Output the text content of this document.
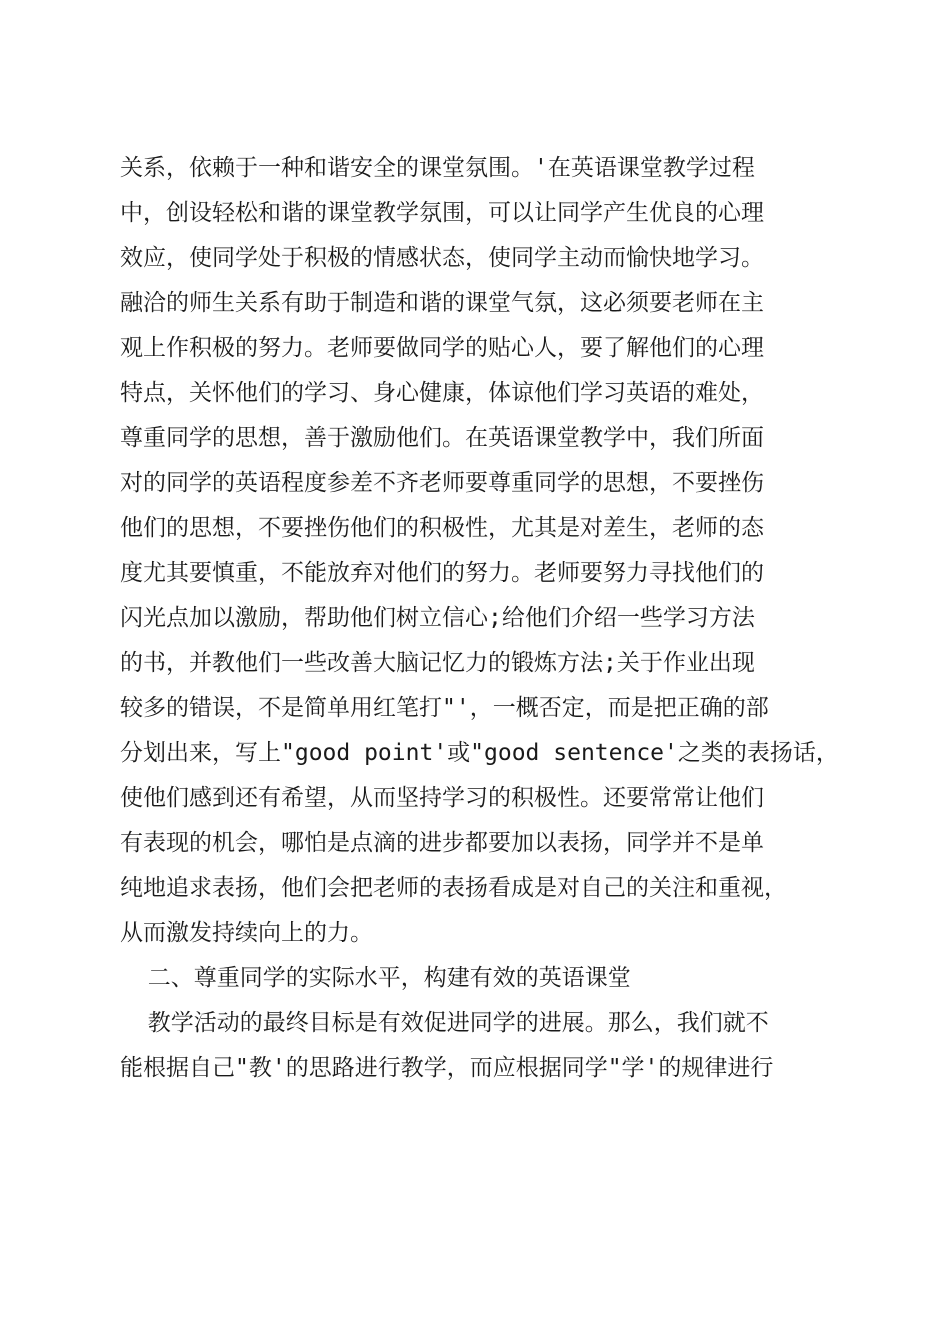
关系，依赖于一种和谐安全的课堂氛围。'在英语课堂教学过程
中，创设轻松和谐的课堂教学氛围，可以让同学产生优良的心理
效应，使同学处于积极的情感状态，使同学主动而愉快地学习。
融洽的师生关系有助于制造和谐的课堂气氛，这必须要老师在主
观上作积极的努力。老师要做同学的贴心人，要了解他们的心理
特点，关怀他们的学习、身心健康，体谅他们学习英语的难处，
尊重同学的思想，善于激励他们。在英语课堂教学中，我们所面
对的同学的英语程度参差不齐老师要尊重同学的思想，不要挫伤
他们的思想，不要挫伤他们的积极性，尤其是对差生，老师的态
度尤其要慎重，不能放弃对他们的努力。老师要努力寻找他们的
闪光点加以激励，帮助他们树立信心;给他们介绍一些学习方法
的书，并教他们一些改善大脑记忆力的锻炼方法;关于作业出现
较多的错误，不是简单用红笔打"'，一概否定，而是把正确的部
分划出来，写上"good point'或"good sentence'之类的表扬话，
使他们感到还有希望，从而坚持学习的积极性。还要常常让他们
有表现的机会，哪怕是点滴的进步都要加以表扬，同学并不是单
纯地追求表扬，他们会把老师的表扬看成是对自己的关注和重视，
从而激发持续向上的力。
二、尊重同学的实际水平，构建有效的英语课堂
教学活动的最终目标是有效促进同学的进展。那么，我们就不
能根据自己"教'的思路进行教学，而应根据同学"学'的规律进行
